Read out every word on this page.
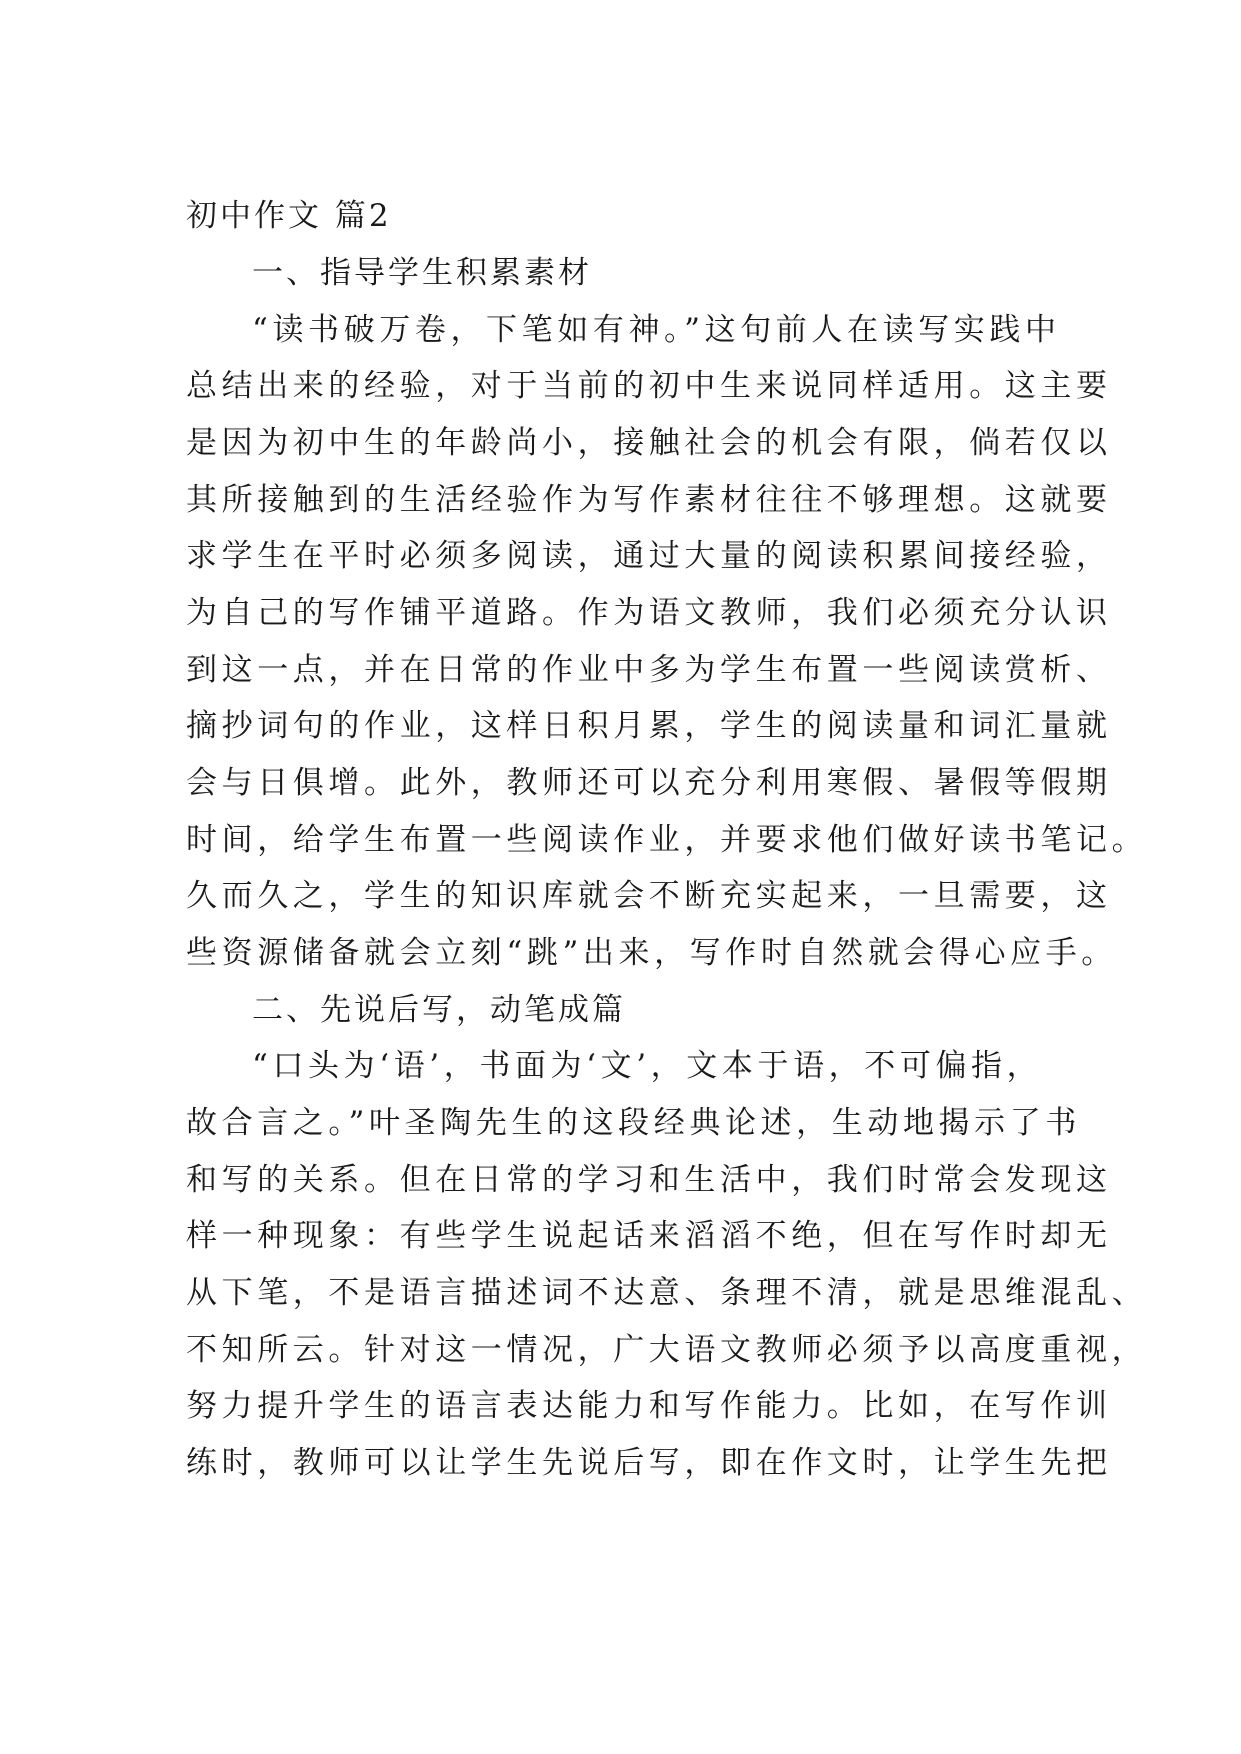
初中作文 篇2
一、指导学生积累素材
“读书破万卷，下笔如有神。”这句前人在读写实践中
总结出来的经验，对于当前的初中生来说同样适用。这主要
是因为初中生的年龄尚小，接触社会的机会有限，倘若仅以
其所接触到的生活经验作为写作素材往往不够理想。这就要
求学生在平时必须多阅读，通过大量的阅读积累间接经验，
为自己的写作铺平道路。作为语文教师，我们必须充分认识
到这一点，并在日常的作业中多为学生布置一些阅读赏析、
摘抄词句的作业，这样日积月累，学生的阅读量和词汇量就
会与日俱增。此外，教师还可以充分利用寒假、暑假等假期
时间，给学生布置一些阅读作业，并要求他们做好读书笔记。
久而久之，学生的知识库就会不断充实起来，一旦需要，这
些资源储备就会立刻“跳”出来，写作时自然就会得心应手。
二、先说后写，动笔成篇
“口头为‘语’，书面为‘文’，文本于语，不可偏指，
故合言之。”叶圣陶先生的这段经典论述，生动地揭示了书
和写的关系。但在日常的学习和生活中，我们时常会发现这
样一种现象：有些学生说起话来滔滔不绝，但在写作时却无
从下笔，不是语言描述词不达意、条理不清，就是思维混乱、
不知所云。针对这一情况，广大语文教师必须予以高度重视，
努力提升学生的语言表达能力和写作能力。比如，在写作训
练时，教师可以让学生先说后写，即在作文时，让学生先把
